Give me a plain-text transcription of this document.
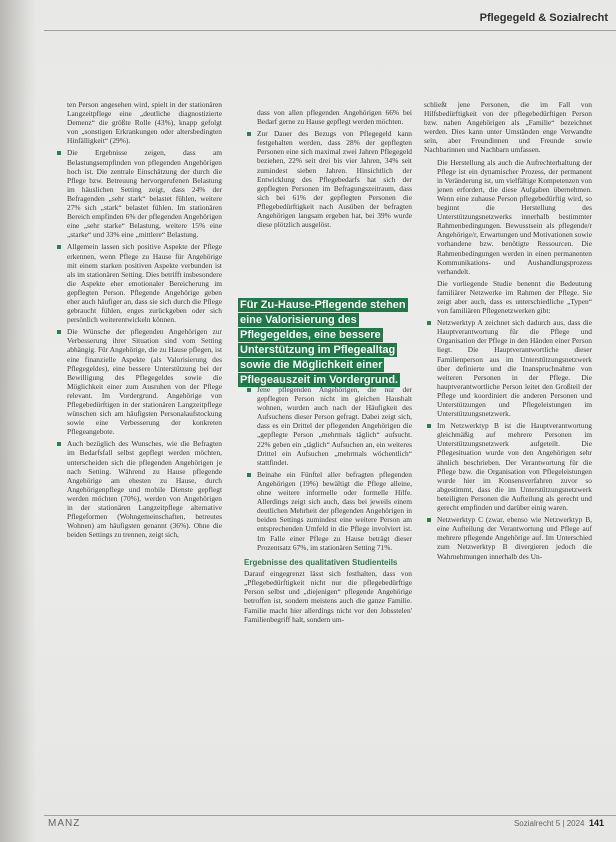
Pflegegeld & Sozialrecht

ten Person angesehen wird, spielt in der stationären Langzeitpflege eine „deutliche diagnostizierte Demenz“ die größte Rolle (43%), knapp gefolgt von „sonstigen Erkrankungen oder altersbedingten Hinfälligkeit“ (29%).

Die Ergebnisse zeigen, dass am Belastungsempfinden von pflegenden Angehörigen hoch ist. Die zentrale Einschätzung der durch die Pflege bzw. Betreuung hervorgerufenen Belastung im häuslichen Setting zeigt, dass 24% der Befragenden „sehr stark“ belastet fühlen, weitere 27% sich „stark“ belastet fühlen. Im stationären Bereich empfinden 6% der pflegenden Angehörigen eine „sehr starke“ Belastung, weitere 15% eine „starke“ und 33% eine „mittlere“ Belastung.

Allgemein lassen sich positive Aspekte der Pflege erkennen, wenn Pflege zu Hause für Angehörige mit einem starken positiven Aspekte verbunden ist als im stationären Setting. Dies betrifft insbesondere die Aspekte eher emotionaler Bereicherung im gepflegten Person. Pflegende Angehörige geben eher auch häufiger an, dass sie sich durch die Pflege gebraucht fühlen, enges zurückgeben oder sich persönlich weiterentwickeln können.

Die Wünsche der pflegenden Angehörigen zur Verbesserung ihrer Situation sind vom Setting abhängig. Für Angehörige, die zu Hause pflegen, ist eine finanzielle Aspekte (als Valorisierung des Pflegegeldes), eine bessere Unterstützung bei der Bewilligung des Pflegegeldes sowie die Möglichkeit einer zum Ausruhen von der Pflege relevant. Im Vordergrund. Angehörige von Pflegebedürftigen in der stationären Langzeitpflege wünschen sich am häufigsten Personalaufstockung sowie eine Verbesserung der konkreten Pflegeangebote.

Auch bezüglich des Wunsches, wie die Befragten im Bedarfsfall selbst gepflegt werden möchten, unterscheiden sich die pflegenden Angehörigen je nach Setting. Während zu Hause pflegende Angehörige am ehesten zu Hause, durch Angehörigenpflege und mobile Dienste gepflegt werden möchten (70%), werden von Angehörigen in der stationären Langzeitpflege alternative Pflegeformen (Wohngemeinschaften, betreutes Wohnen) am häufigsten genannt (36%). Ohne die beiden Settings zu trennen, zeigt sich,

dass von allen pflegenden Angehörigen 66% bei Bedarf gerne zu Hause gepflegt werden möchten.

Zur Dauer des Bezugs von Pflegegeld kann festgehalten werden, dass 28% der gepflegten Personen eine sich maximal zwei Jahren Pflegegeld beziehen, 22% seit drei bis vier Jahren, 34% seit zumindest sieben Jahren. Hinsichtlich der Entwicklung des Pflegebedarfs hat sich der gepflegten Personen im Befragungszeitraum, dass sich bei 61% der gepflegten Personen die Pflegebedürftigkeit nach Ausüben der befragten Angehörigen langsam ergeben hat, bei 39% wurde diese plötzlich ausgelöst.

Für Zu-Hause-Pflegende stehen eine Valorisierung des Pflegegeldes, eine bessere Unterstützung im Pflegealltag sowie die Möglichkeit einer Pflegeauszeit im Vordergrund.

Jene pflegenden Angehörigen, die nur der gepflegten Person nicht im gleichen Haushalt wohnen, wurden auch nach der Häufigkeit des Aufsuchens dieser Person gefragt. Dabei zeigt sich, dass es ein Drittel der pflegenden Angehörigen die „gepflegte Person „mehrmals täglich“ aufsucht. 22% geben ein „täglich“ Aufsuchen an, ein weiteres Drittel ein Aufsuchen „mehrmals wöchentlich“ stattfindet.

Beinahe ein Fünftel aller befragten pflegenden Angehörigen (19%) bewältigt die Pflege alleine, ohne weitere informelle oder formelle Hilfe. Allerdings zeigt sich auch, dass bei jeweils einem deutlichen Mehrheit der pflegenden Angehörigen in beiden Settings zumindest eine weitere Person am entsprechenden Umfeld in die Pflege involviert ist. Im Falle einer Pflege zu Hause beträgt dieser Prozentsatz 67%, im stationären Setting 71%.

Ergebnisse des qualitativen Studienteils

Darauf eingegrenzt lässt sich festhalten, dass von „Pflegebedürftigkeit nicht nur die pflegebedürftige Person selbst und „diejenigen“ pflegende Angehörige betroffen ist, sondern meistens auch die ganze Familie. Familie macht hier allerdings nicht vor den Jobsstelen' Familienbegriff halt, sondern um-

schließt jene Personen, die im Fall von Hilfsbedürftigkeit von der pflegebedürftigen Person bzw. nahen Angehörigen als „Familie“ bezeichnet werden. Dies kann unter Umständen enge Verwandte sein, aber Freundinnen und Freunde sowie Nachbarinnen und Nachbarn umfassen.

Die Herstellung als auch die Aufrechterhaltung der Pflege ist ein dynamischer Prozess, der permanent in Veränderung ist, um vielfältige Kompetenzen von jenen erfordert, die diese Aufgaben übernehmen. Wenn eine zuhause Person pflegebedürftig wird, so beginnt die Herstellung des Unterstützungsnetzwerks innerhalb bestimmter Rahmenbedingungen. Bewusstsein als pflegende/r Angehörige/r, Erwartungen und Motivationen sowie vorhandene bzw. benötigte Ressourcen. Die Rahmenbedingungen werden in einen permanenten Kommunikations- und Aushandlungsprozess verhandelt.

Die vorliegende Studie benennt die Bedeutung familiärer Netzwerke im Rahmen der Pflege. Sie zeigt aber auch, dass es unterschiedliche „Typen“ von familiären Pflegenetzwerken gibt:

Netzwerktyp A zeichnet sich dadurch aus, dass die Hauptverantwortung für die Pflege und Organisation der Pflege in den Händen einer Person liegt. Die Hauptverantwortliche dieser Familienperson aus im Unterstützungsnetzwerk über definierte und die Inanspruchnahme von weiteren Personen in der Pflege. Die hauptverantwortliche Person leitet den Großteil der Pflege und koordiniert die anderen Personen und Unterstützungen und Pflegeleistungen im Unterstützungsnetzwerk.

Im Netzwerktyp B ist die Hauptverantwortung gleichmäßig auf mehrere Personen im Unterstützungsnetzwerk aufgeteilt. Die Pflegesituation wurde von den Angehörigen sehr ähnlich beschrieben. Der Verantwortung für die Pflege bzw. die Organisation von Pflegeleistungen wurde hier im Konsensverfahren zuvor so abgestimmt, dass die im Unterstützungsnetzwerk beteiligten Personen die Aufteilung als gerecht und gerecht empfinden und darüber einig waren.

Netzwerktyp C (zwar, ebenso wie Netzwerktyp B, eine Aufteilung der Verantwortung und Pflege auf mehrere pflegende Angehörige auf. Im Unterschied zum Netzwerktyp B divergieren jedoch die Wahrnehmungen innerhalb des Un-

MANZ	Sozialrecht 5 | 2024 141
